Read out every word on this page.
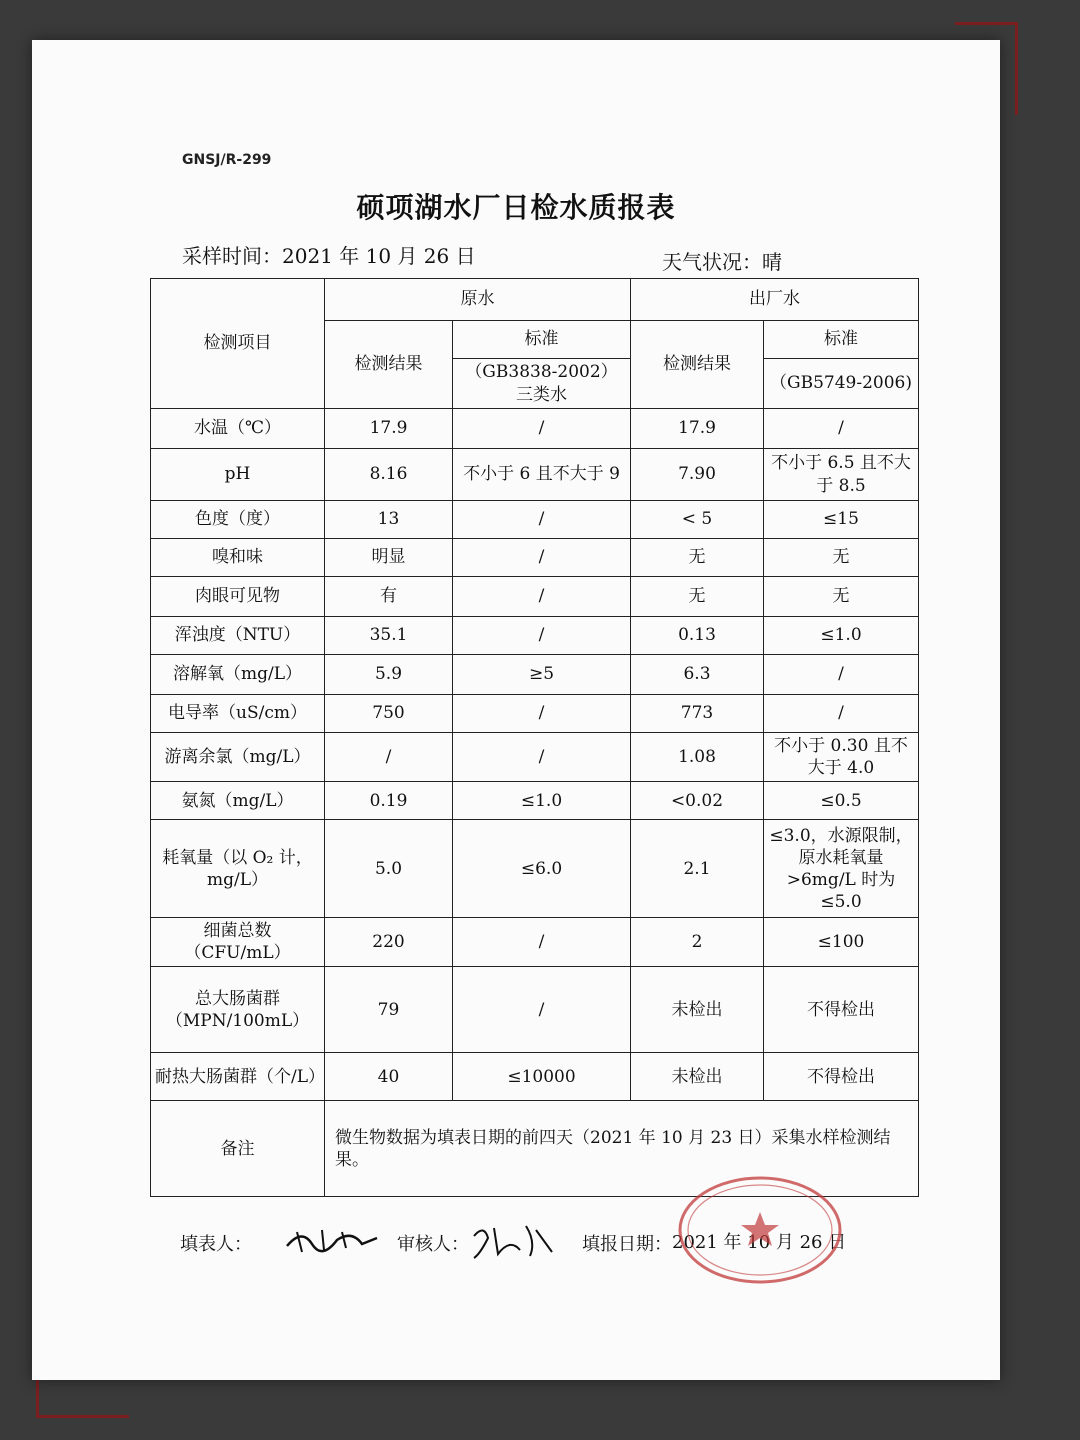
GNSJ/R-299
硕项湖水厂日检水质报表
采样时间：2021 年 10 月 26 日	天气状况：晴
检测项目	原水		出厂水	
	检测结果	标准	检测结果	标准
		（GB3838-2002）三类水		（GB5749-2006)
水温（℃）	17.9	/	17.9	/
pH	8.16	不小于 6 且不大于 9	7.90	不小于 6.5 且不大于 8.5
色度（度）	13	/	< 5	≤15
嗅和味	明显	/	无	无
肉眼可见物	有	/	无	无
浑浊度（NTU）	35.1	/	0.13	≤1.0
溶解氧（mg/L）	5.9	≥5	6.3	/
电导率（uS/cm）	750	/	773	/
游离余氯（mg/L）	/	/	1.08	不小于 0.30 且不大于 4.0
氨氮（mg/L）	0.19	≤1.0	<0.02	≤0.5
耗氧量（以 O₂ 计，mg/L）	5.0	≤6.0	2.1	≤3.0，水源限制，原水耗氧量>6mg/L 时为≤5.0
细菌总数（CFU/mL）	220	/	2	≤100
总大肠菌群（MPN/100mL）	79	/	未检出	不得检出
耐热大肠菌群（个/L）	40	≤10000	未检出	不得检出
备注	微生物数据为填表日期的前四天（2021 年 10 月 23 日）采集水样检测结果。			
填表人：	审核人：	填报日期： 2021 年 10 月 26 日
